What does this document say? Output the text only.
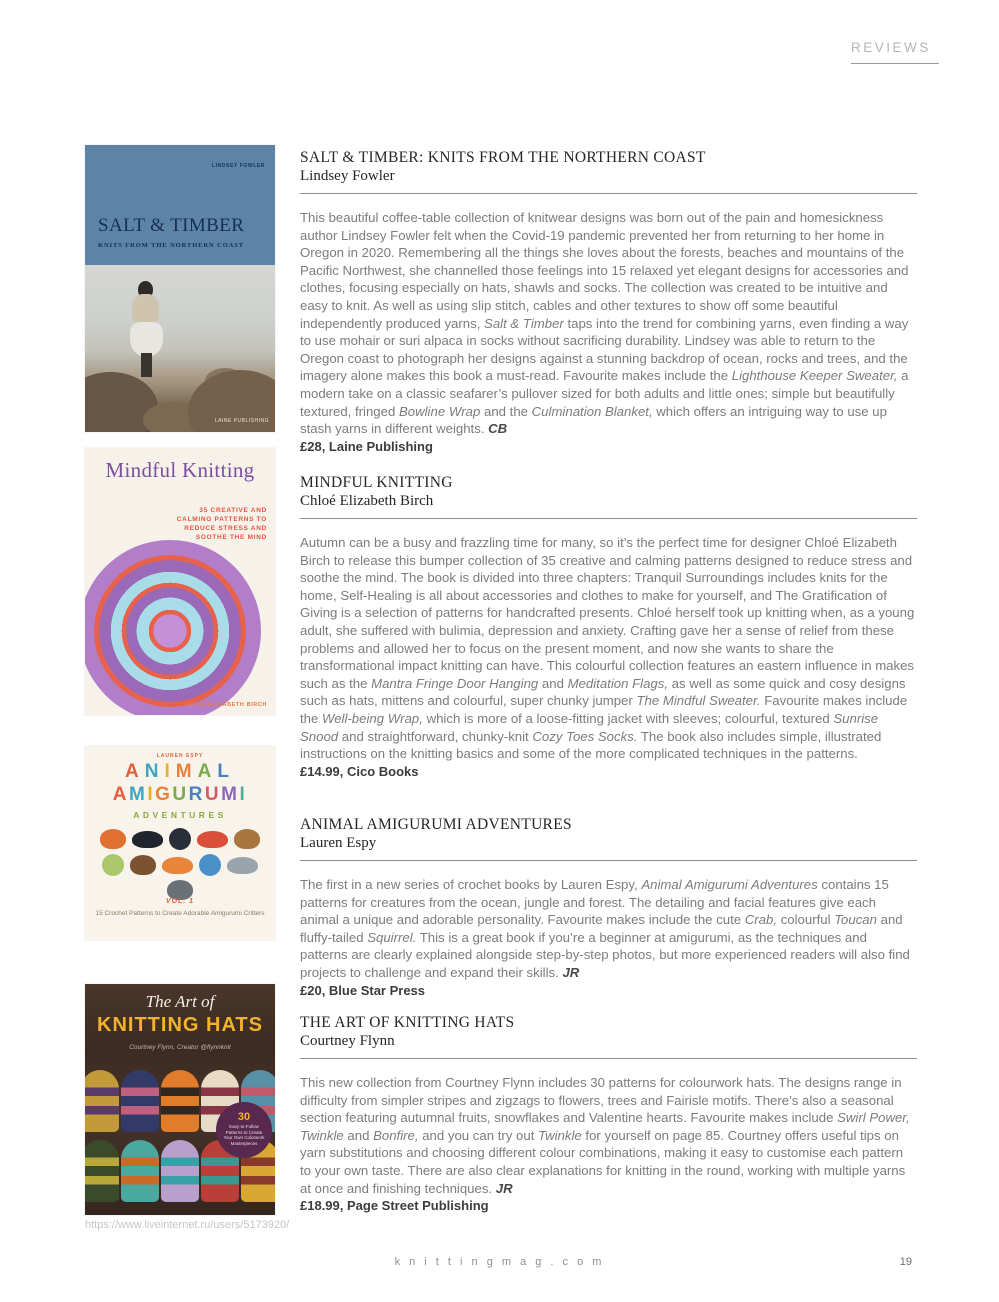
REVIEWS
LINDSEY FOWLER
SALT & TIMBER
KNITS FROM THE NORTHERN COAST
LAINE PUBLISHING
Mindful Knitting
35 CREATIVE AND CALMING PATTERNS TO REDUCE STRESS AND SOOTHE THE MIND
CHLOÉ ELIZABETH BIRCH
LAUREN ESPY
ANIMAL
AMIGURUMI
ADVENTURES
VOL. 1
15 Crochet Patterns to Create Adorable Amigurumi Critters
The Art of
KNITTING HATS
Courtney Flynn, Creator @flynnknit
30
Easy-to-Follow Patterns to Create Your Own Colorwork Masterpieces
SALT & TIMBER: KNITS FROM THE NORTHERN COAST
Lindsey Fowler

This beautiful coffee-table collection of knitwear designs was born out of the pain and homesickness author Lindsey Fowler felt when the Covid-19 pandemic prevented her from returning to her home in Oregon in 2020. Remembering all the things she loves about the forests, beaches and mountains of the Pacific Northwest, she channelled those feelings into 15 relaxed yet elegant designs for accessories and clothes, focusing especially on hats, shawls and socks. The collection was created to be intuitive and easy to knit. As well as using slip stitch, cables and other textures to show off some beautiful independently produced yarns, Salt & Timber taps into the trend for combining yarns, even finding a way to use mohair or suri alpaca in socks without sacrificing durability. Lindsey was able to return to the Oregon coast to photograph her designs against a stunning backdrop of ocean, rocks and trees, and the imagery alone makes this book a must-read. Favourite makes include the Lighthouse Keeper Sweater, a modern take on a classic seafarer’s pullover sized for both adults and little ones; simple but beautifully textured, fringed Bowline Wrap and the Culmination Blanket, which offers an intriguing way to use up stash yarns in different weights. CB

£28, Laine Publishing

MINDFUL KNITTING
Chloé Elizabeth Birch

Autumn can be a busy and frazzling time for many, so it’s the perfect time for designer Chloé Elizabeth Birch to release this bumper collection of 35 creative and calming patterns designed to reduce stress and soothe the mind. The book is divided into three chapters: Tranquil Surroundings includes knits for the home, Self-Healing is all about accessories and clothes to make for yourself, and The Gratification of Giving is a selection of patterns for handcrafted presents. Chloé herself took up knitting when, as a young adult, she suffered with bulimia, depression and anxiety. Crafting gave her a sense of relief from these problems and allowed her to focus on the present moment, and now she wants to share the transformational impact knitting can have. This colourful collection features an eastern influence in makes such as the Mantra Fringe Door Hanging and Meditation Flags, as well as some quick and cosy designs such as hats, mittens and colourful, super chunky jumper The Mindful Sweater. Favourite makes include the Well-being Wrap, which is more of a loose-fitting jacket with sleeves; colourful, textured Sunrise Snood and straightforward, chunky-knit Cozy Toes Socks. The book also includes simple, illustrated instructions on the knitting basics and some of the more complicated techniques in the patterns.

£14.99, Cico Books

ANIMAL AMIGURUMI ADVENTURES
Lauren Espy

The first in a new series of crochet books by Lauren Espy, Animal Amigurumi Adventures contains 15 patterns for creatures from the ocean, jungle and forest. The detailing and facial features give each animal a unique and adorable personality. Favourite makes include the cute Crab, colourful Toucan and fluffy-tailed Squirrel. This is a great book if you’re a beginner at amigurumi, as the techniques and patterns are clearly explained alongside step-by-step photos, but more experienced readers will also find projects to challenge and expand their skills. JR

£20, Blue Star Press

THE ART OF KNITTING HATS
Courtney Flynn

This new collection from Courtney Flynn includes 30 patterns for colourwork hats. The designs range in difficulty from simpler stripes and zigzags to flowers, trees and Fairisle motifs. There’s also a seasonal section featuring autumnal fruits, snowflakes and Valentine hearts. Favourite makes include Swirl Power, Twinkle and Bonfire, and you can try out Twinkle for yourself on page 85. Courtney offers useful tips on yarn substitutions and choosing different colour combinations, making it easy to customise each pattern to your own taste. There are also clear explanations for knitting in the round, working with multiple yarns at once and finishing techniques. JR

£18.99, Page Street Publishing

https://www.liveinternet.ru/users/5173920/
k n i t t i n g m a g . c o m	19
